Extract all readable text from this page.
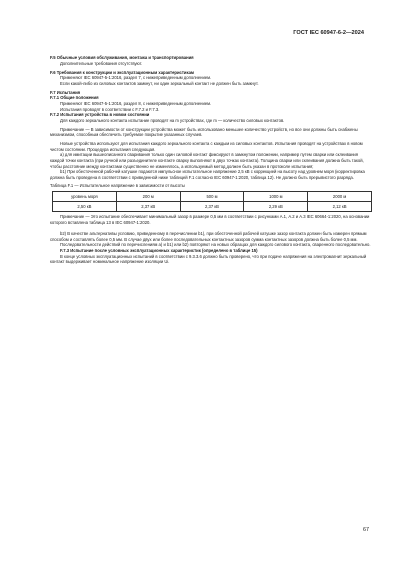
ГОСТ IEC 60947-6-2—2024

F.5 Обычные условия обслуживания, монтажа и транспортирования

Дополнительные требования отсутствуют.

F.6 Требования к конструкции и эксплуатационным характеристикам

Применяют IEC 60947-5-1:2016, раздел 7, с нижеприведенным дополнением.

Если какой-либо из силовых контактов замкнут, ни один зеркальный контакт не должен быть замкнут.

F.7 Испытания

F.7.1 Общие положения

Применяют IEC 60947-5-1:2016, раздел 8, с нижеприведенным дополнением.

Испытания проводят в соответствии с F.7.2 и F.7.3.

F.7.2 Испытания устройства в новом состоянии

Для каждого зеркального контакта испытание проводят на m устройствах, где m — количество силовых контактов.

Примечание — В зависимости от конструкции устройства может быть использовано меньшее количество устройств, но все они должны быть снабжены механизмом, способным обеспечить требуемое покрытие указанных случаев.

Новые устройства используют для испытания каждого зеркального контакта с каждым из силовых контактов. Испытания проводят на устройствах в новом чистом состоянии. Процедура испытания следующая.

а) для имитации вышеописанного сваривания только один силовой контакт фиксируют в замкнутом положении, например путем сварки или склеивания каждой точки контакта (при ручной или разъединителе контакте сварку выполняют в двух точках контакта). Толщина сварки или склеивания должна быть такой, чтобы расстояние между контактами существенно не изменялось, а используемый метод должен быть указан в протоколе испытания;

b1) При обесточенной рабочей катушке подаются импульсное испытательное напряжение 2,5 кВ с коррекцией на высоту над уровнем моря (корректировка должна быть проведена в соответствии с приведенной ниже таблицей F.1 согласно IEC 60947-1:2020, таблица 12). Не должно быть прерывистого разряда.

Таблица F.1 — Испытательное напряжение в зависимости от высоты

уровень моря	200 м	500 м	1000 м	2000 м
2,50 кВ	2,37 кВ	2,37 кВ	2,29 кВ	2,12 кВ

Примечание — Это испытание обеспечивает минимальный зазор в размере 0,5 мм в соответствии с рисунками А.1, А.2 и А.3 IEC 60664-1:2020, на основании которого вставлена таблица 13 в IEC 60947-1:2020.

b2) В качестве альтернативы условию, приведенному в перечислении b1), при обесточенной рабочей катушке зазор контакта должен быть измерен прямым способом и составлять более 0,5 мм. В случае двух или более последовательных контактных зазоров сумма контактных зазоров должна быть более 0,5 мм.

Последовательности действий по перечислениям а) и b1) или b2) повторяют на новых образцах для каждого силового контакта, сваренного последовательно.

F.7.3 Испытание после условных эксплуатационных характеристик (определено в таблице 15)

В конце условных эксплуатационных испытаний в соответствии с 9.3.3.6 должно быть проверено, что при подаче напряжения на электромагнит зеркальный контакт выдерживает номинальное напряжение изоляции Ui.

67
